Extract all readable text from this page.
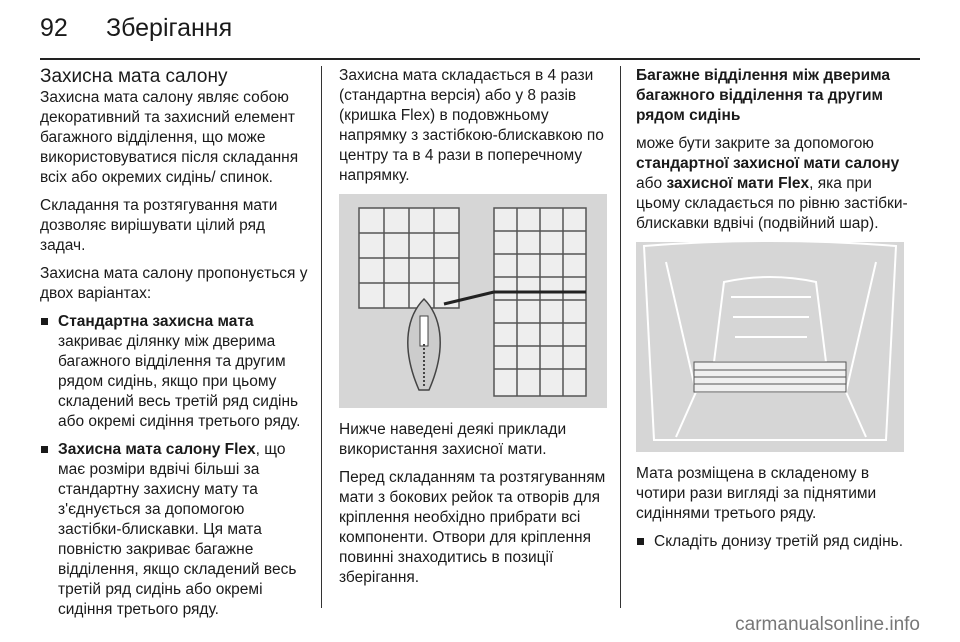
92 Зберігання
Захисна мата салону

Захисна мата салону являє собою декоративний та захисний елемент багажного відділення, що може використовуватися після складання всіх або окремих сидінь/ спинок.

Складання та розтягування мати дозволяє вирішувати цілий ряд задач.

Захисна мата салону пропонується у двох варіантах:

Стандартна захисна мата закриває ділянку між дверима багажного відділення та другим рядом сидінь, якщо при цьому складений весь третій ряд сидінь або окремі сидіння третього ряду.
Захисна мата салону Flex, що має розміри вдвічі більші за стандартну захисну мату та з'єднується за допомогою застібки-блискавки. Ця мата повністю закриває багажне відділення, якщо складений весь третій ряд сидінь або окремі сидіння третього ряду.

Захисна мата складається в 4 рази (стандартна версія) або у 8 разів (кришка Flex) в подовжньому напрямку з застібкою-блискавкою по центру та в 4 рази в поперечному напрямку.

Нижче наведені деякі приклади використання захисної мати.

Перед складанням та розтягуванням мати з бокових рейок та отворів для кріплення необхідно прибрати всі компоненти. Отвори для кріплення повинні знаходитись в позиції зберігання.

Багажне відділення між дверима багажного відділення та другим рядом сидінь

може бути закрите за допомогою стандартної захисної мати салону або захисної мати Flex, яка при цьому складається по рівню застібки-блискавки вдвічі (подвійний шар).

Мата розміщена в складеному в чотири рази вигляді за піднятими сидіннями третього ряду.

Складіть донизу третій ряд сидінь.
carmanualsonline.info
